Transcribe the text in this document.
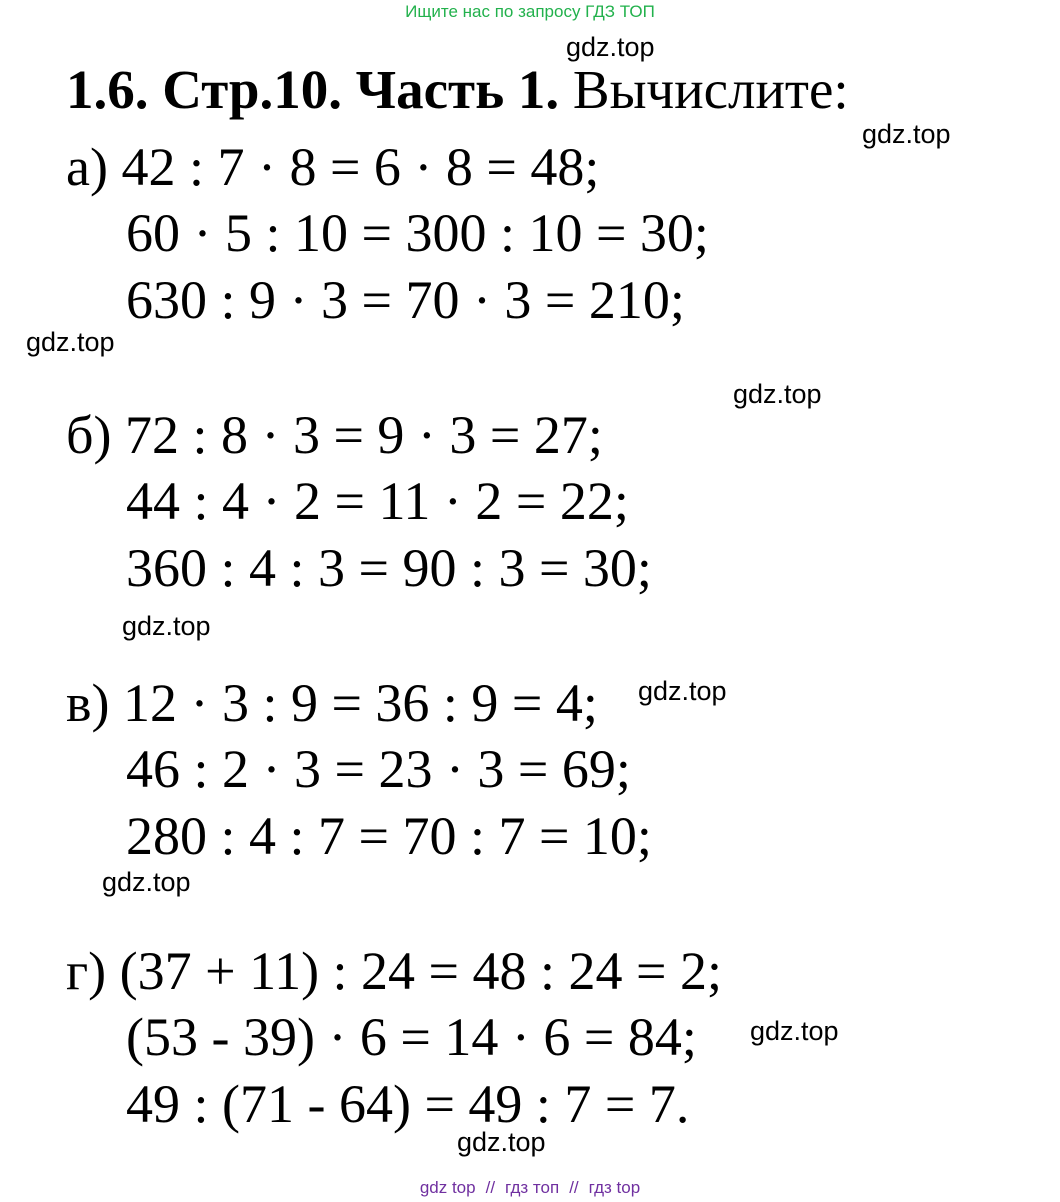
Ищите нас по запросу ГДЗ ТОП
1.6. Стр.10. Часть 1. Вычислите:
а) 42 : 7 · 8 = 6 · 8 = 48;
60 · 5 : 10 = 300 : 10 = 30;
630 : 9 · 3 = 70 · 3 = 210;
б) 72 : 8 · 3 = 9 · 3 = 27;
44 : 4 · 2 = 11 · 2 = 22;
360 : 4 : 3 = 90 : 3 = 30;
в) 12 · 3 : 9 = 36 : 9 = 4;
46 : 2 · 3 = 23 · 3 = 69;
280 : 4 : 7 = 70 : 7 = 10;
г) (37 + 11) : 24 = 48 : 24 = 2;
(53 - 39) · 6 = 14 · 6 = 84;
49 : (71 - 64) = 49 : 7 = 7.
gdz.top
gdz.top
gdz.top
gdz.top
gdz.top
gdz.top
gdz.top
gdz.top
gdz.top
gdz top // гдз топ // гдз top
